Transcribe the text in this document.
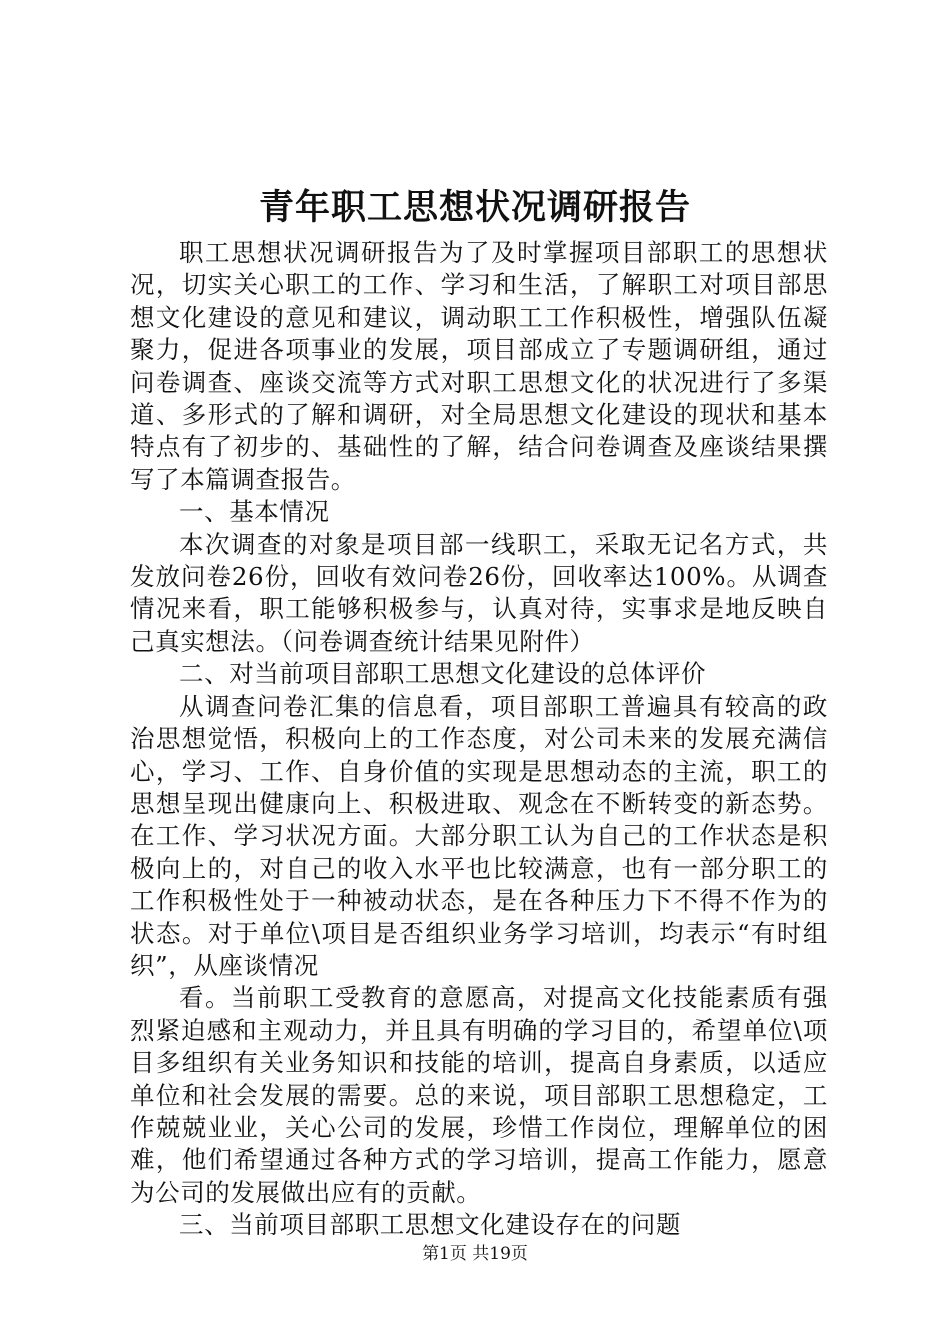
青年职工思想状况调研报告

职工思想状况调研报告为了及时掌握项目部职工的思想状况，切实关心职工的工作、学习和生活，了解职工对项目部思想文化建设的意见和建议，调动职工工作积极性，增强队伍凝聚力，促进各项事业的发展，项目部成立了专题调研组，通过问卷调查、座谈交流等方式对职工思想文化的状况进行了多渠道、多形式的了解和调研，对全局思想文化建设的现状和基本特点有了初步的、基础性的了解，结合问卷调查及座谈结果撰写了本篇调查报告。

一、基本情况

本次调查的对象是项目部一线职工，采取无记名方式，共发放问卷26份，回收有效问卷26份，回收率达100%。从调查情况来看，职工能够积极参与，认真对待，实事求是地反映自己真实想法。（问卷调查统计结果见附件）

二、对当前项目部职工思想文化建设的总体评价

从调查问卷汇集的信息看，项目部职工普遍具有较高的政治思想觉悟，积极向上的工作态度，对公司未来的发展充满信心，学习、工作、自身价值的实现是思想动态的主流，职工的思想呈现出健康向上、积极进取、观念在不断转变的新态势。在工作、学习状况方面。大部分职工认为自己的工作状态是积极向上的，对自己的收入水平也比较满意，也有一部分职工的工作积极性处于一种被动状态，是在各种压力下不得不作为的状态。对于单位\项目是否组织业务学习培训，均表示“有时组织”，从座谈情况

看。当前职工受教育的意愿高，对提高文化技能素质有强烈紧迫感和主观动力，并且具有明确的学习目的，希望单位\项目多组织有关业务知识和技能的培训，提高自身素质，以适应单位和社会发展的需要。总的来说，项目部职工思想稳定，工作兢兢业业，关心公司的发展，珍惜工作岗位，理解单位的困难，他们希望通过各种方式的学习培训，提高工作能力，愿意为公司的发展做出应有的贡献。

三、当前项目部职工思想文化建设存在的问题

第1页 共19页
